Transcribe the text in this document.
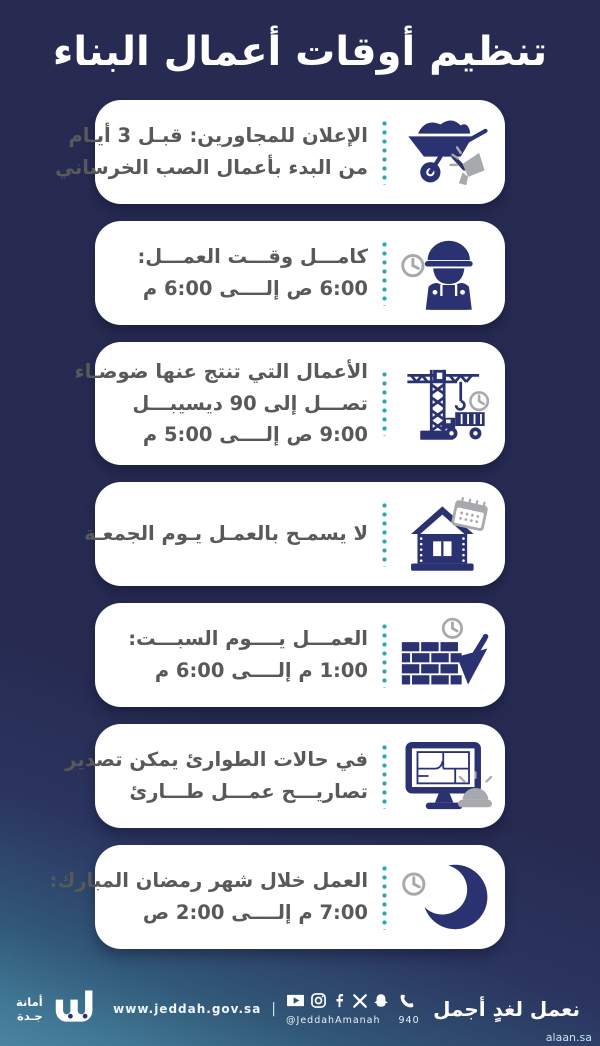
تنظيم أوقات أعمال البناء
الإعلان للمجاورين: قبـل 3 أيـام
من البدء بأعمال الصب الخرساني
كامـــل وقـــت العمـــل:
6:00 ص إلــــى 6:00 م
الأعمال التي تنتج عنها ضوضـاء
تصـــل إلى 90 ديسيبـــل
9:00 ص إلــــى 5:00 م
لا يسمـح بالعمـل يـوم الجمعـة
العمـــل يــــوم السبـــت:
1:00 م إلــــى 6:00 م
في حالات الطوارئ يمكن تصدير
تصاريـــح عمـــل طـــارئ
العمل خلال شهر رمضان المبارك:
7:00 م إلــــى 2:00 ص
أمانة
جـدة	www.jeddah.gov.sa |
@JeddahAmanah 940 نعمل لغدٍ أجمل
alaan.sa
